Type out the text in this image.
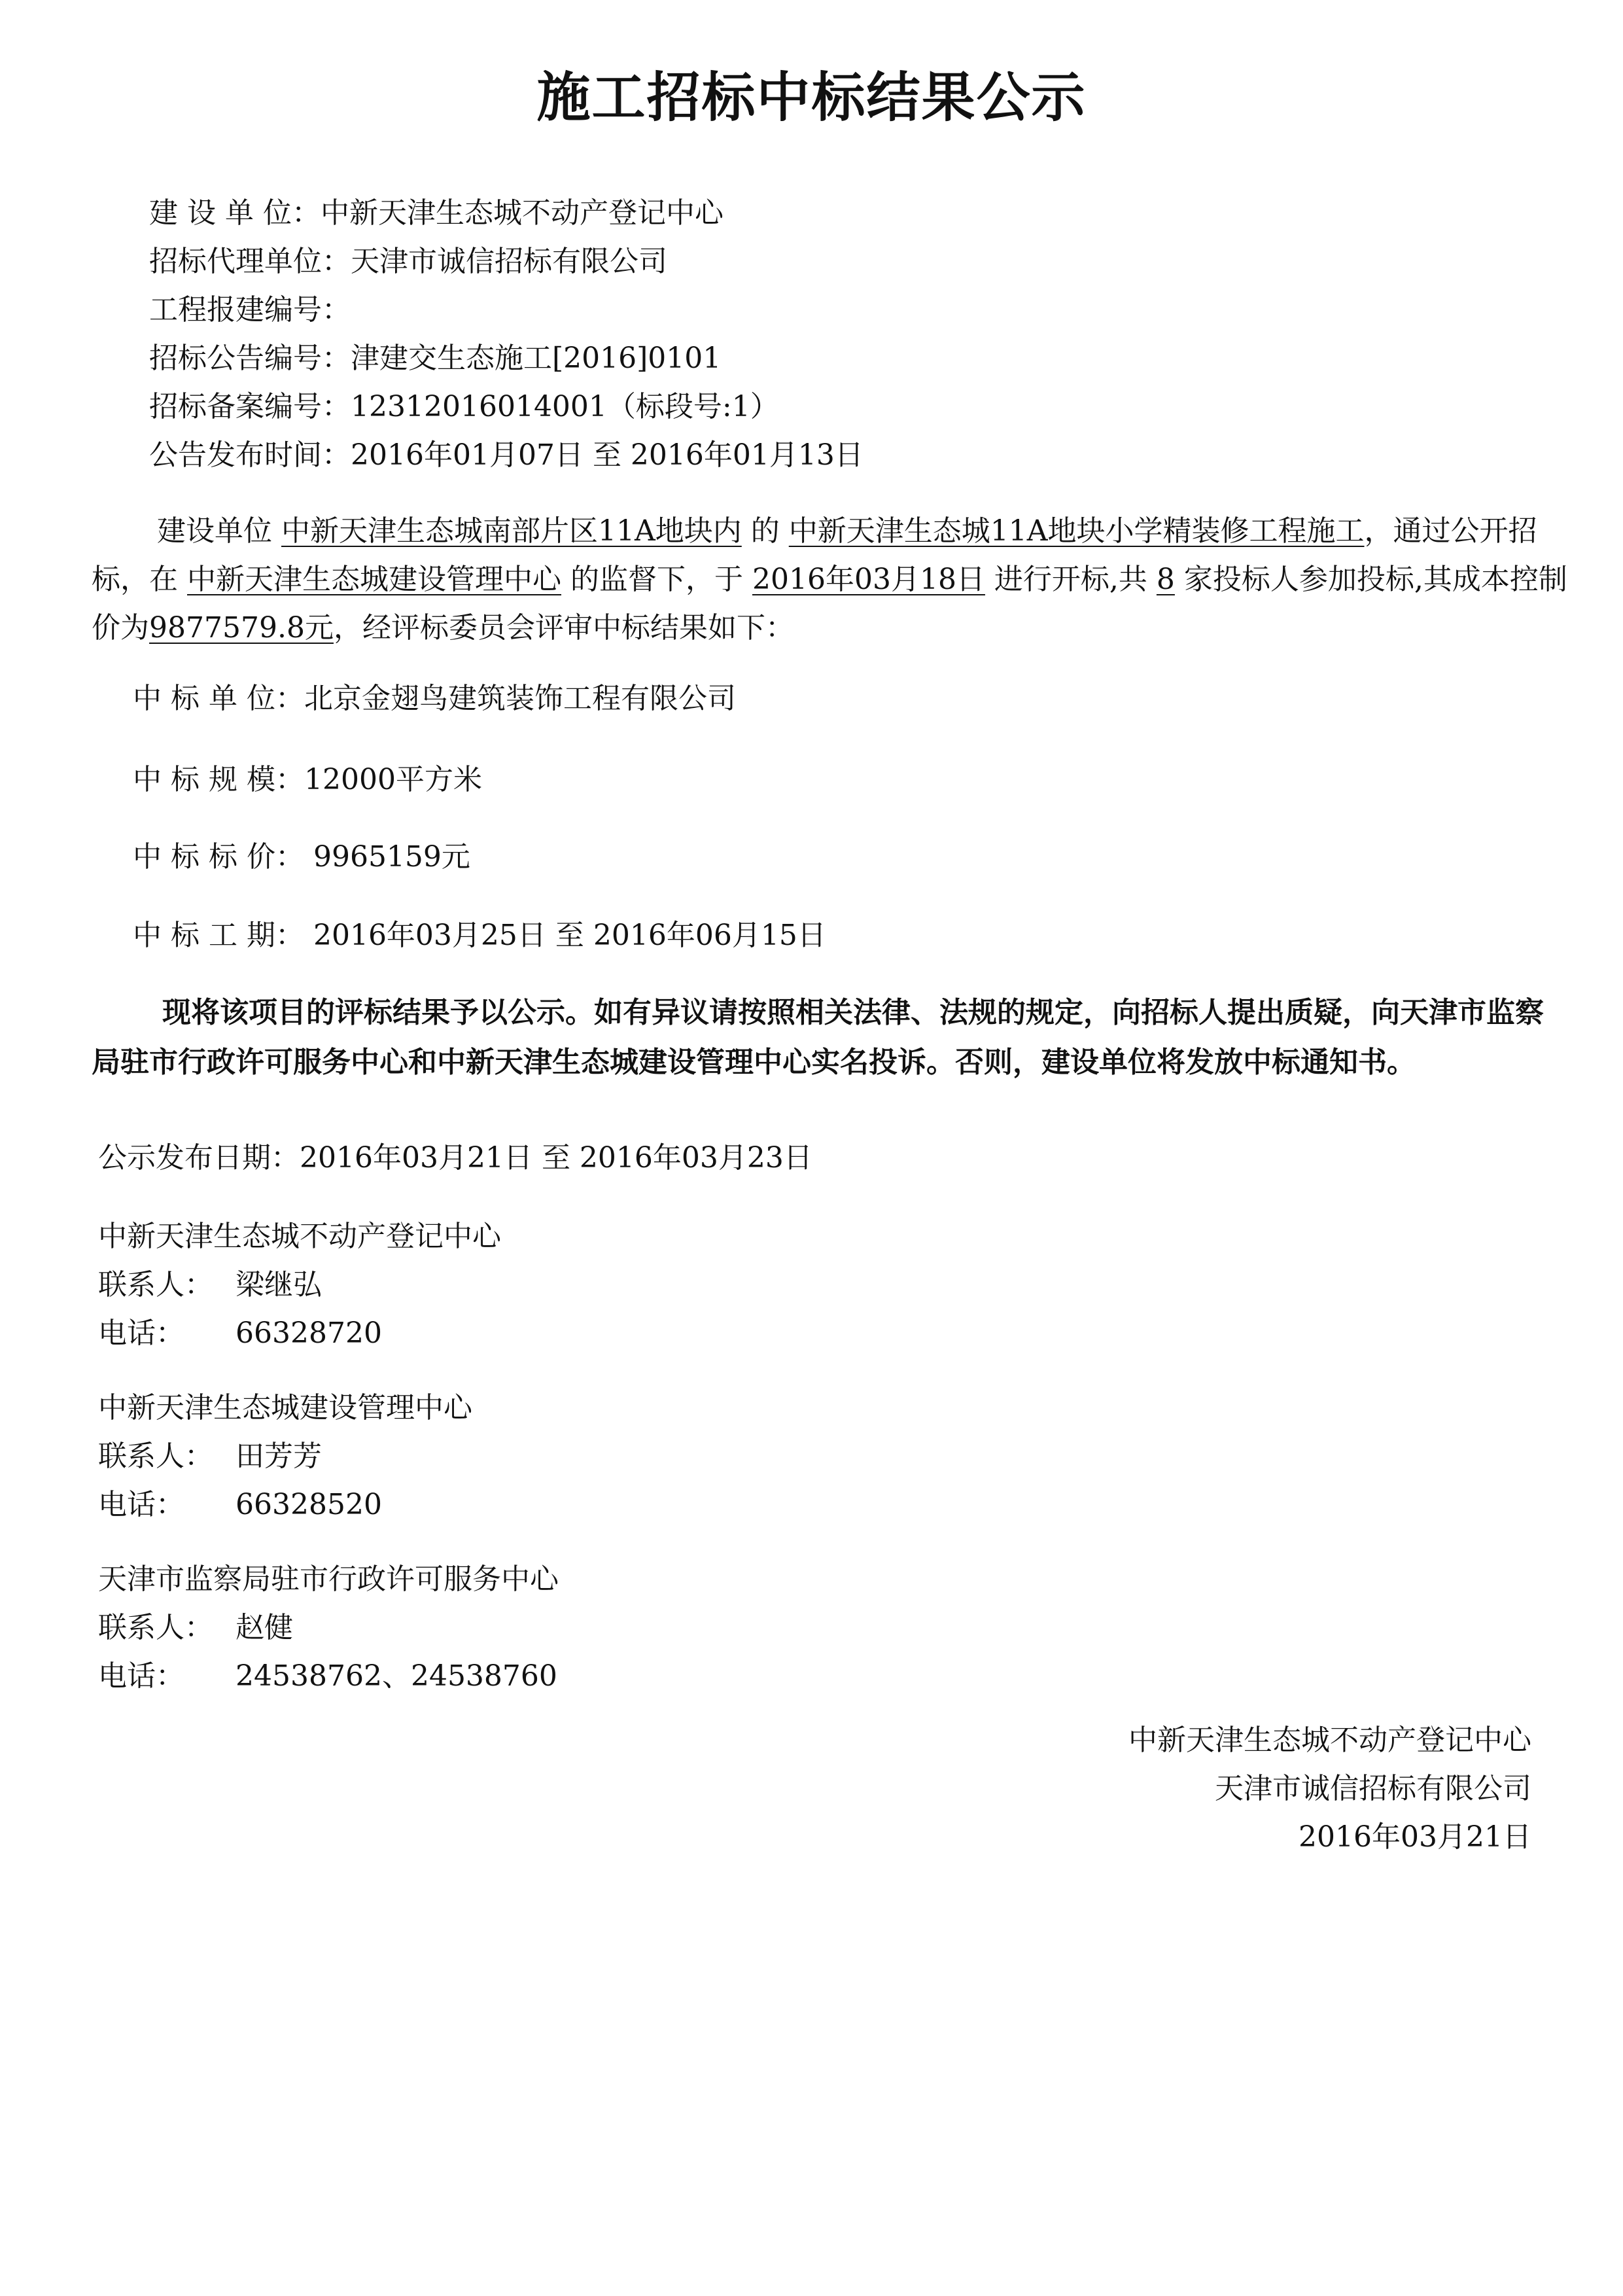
施工招标中标结果公示
建 设 单 位：中新天津生态城不动产登记中心
招标代理单位：天津市诚信招标有限公司
工程报建编号：
招标公告编号：津建交生态施工[2016]0101
招标备案编号：12312016014001（标段号:1）
公告发布时间：2016年01月07日 至 2016年01月13日
建设单位 中新天津生态城南部片区11A地块内 的 中新天津生态城11A地块小学精装修工程施工，通过公开招标，在 中新天津生态城建设管理中心 的监督下，于 2016年03月18日 进行开标,共 8 家投标人参加投标,其成本控制价为9877579.8元，经评标委员会评审中标结果如下：
中 标 单 位：北京金翅鸟建筑装饰工程有限公司
中 标 规 模：12000平方米
中 标 标 价： 9965159元
中 标 工 期： 2016年03月25日 至 2016年06月15日
现将该项目的评标结果予以公示。如有异议请按照相关法律、法规的规定，向招标人提出质疑，向天津市监察局驻市行政许可服务中心和中新天津生态城建设管理中心实名投诉。否则，建设单位将发放中标通知书。
公示发布日期：2016年03月21日 至 2016年03月23日
中新天津生态城不动产登记中心
联系人： 梁继弘
电话： 66328720
中新天津生态城建设管理中心
联系人： 田芳芳
电话： 66328520
天津市监察局驻市行政许可服务中心
联系人： 赵健
电话： 24538762、24538760
中新天津生态城不动产登记中心
天津市诚信招标有限公司
2016年03月21日
